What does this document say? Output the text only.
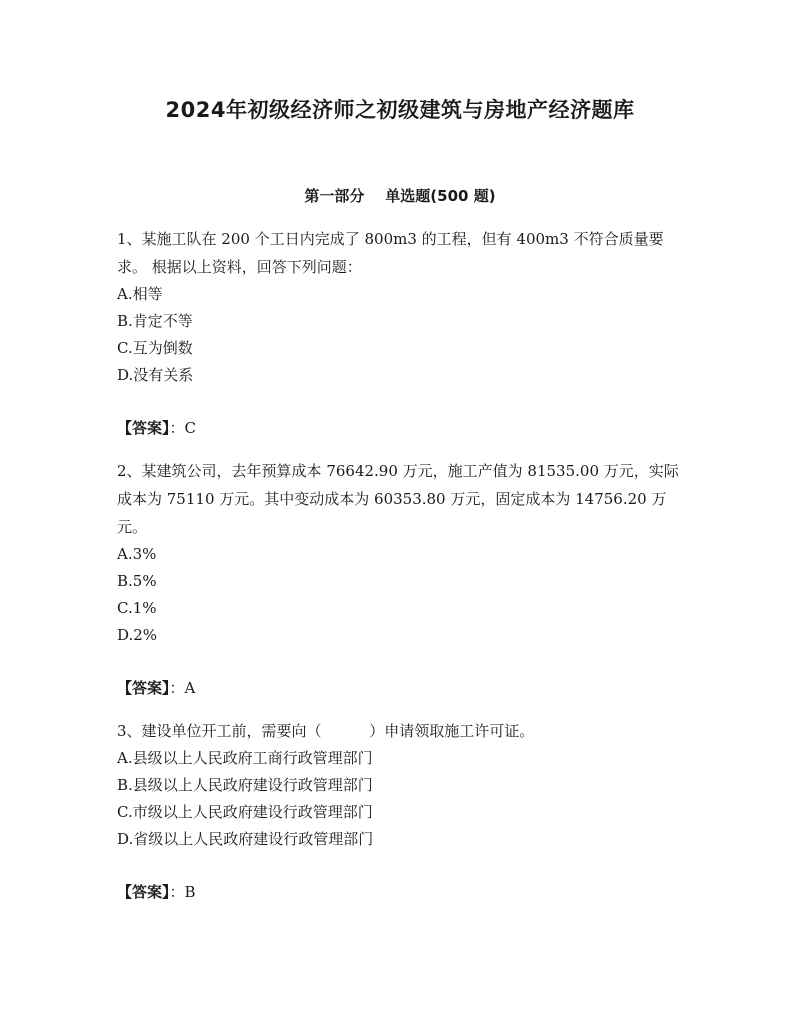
2024年初级经济师之初级建筑与房地产经济题库
第一部分    单选题(500 题)

1、某施工队在 200 个工日内完成了 800m3 的工程，但有 400m3 不符合质量要求。 根据以上资料，回答下列问题：

A.相等
B.肯定不等
C.互为倒数
D.没有关系

【答案】：C

2、某建筑公司，去年预算成本 76642.90 万元，施工产值为 81535.00 万元，实际成本为 75110 万元。其中变动成本为 60353.80 万元，固定成本为 14756.20 万元。

A.3%
B.5%
C.1%
D.2%

【答案】：A

3、建设单位开工前，需要向（          ）申请领取施工许可证。

A.县级以上人民政府工商行政管理部门
B.县级以上人民政府建设行政管理部门
C.市级以上人民政府建设行政管理部门
D.省级以上人民政府建设行政管理部门

【答案】：B
